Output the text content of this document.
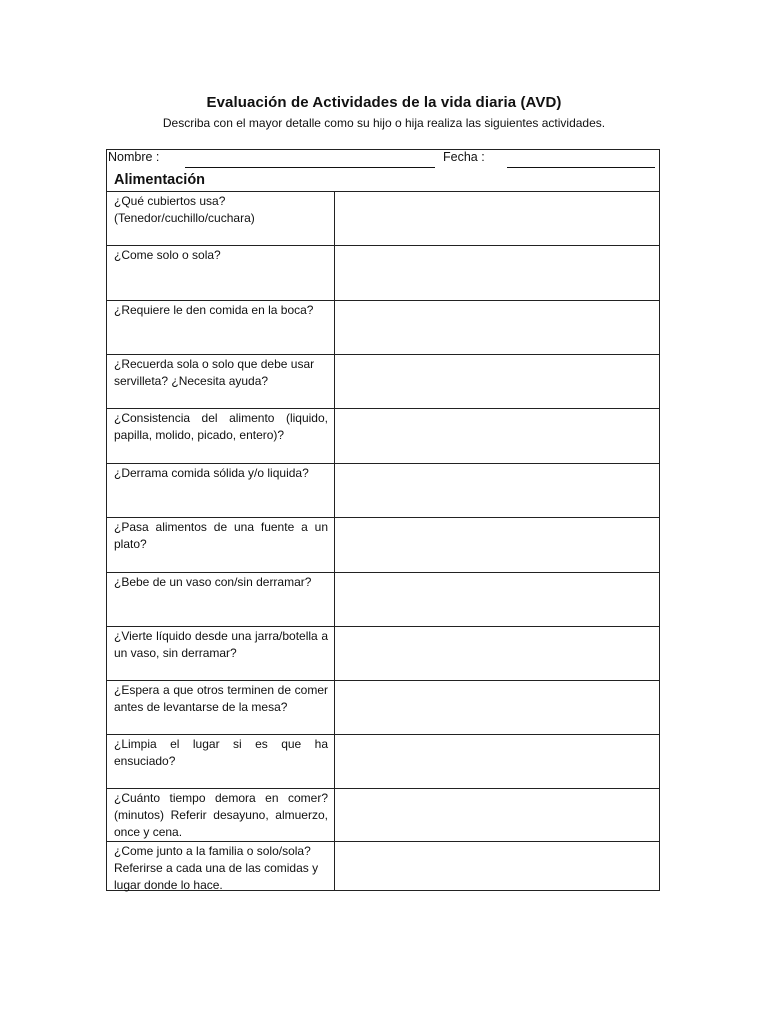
Evaluación de Actividades de la vida diaria (AVD)
Describa con el mayor detalle como su hijo o hija realiza las siguientes actividades.
Nombre :	Fecha :
Alimentación
¿Qué cubiertos usa?
(Tenedor/cuchillo/cuchara)
¿Come solo o sola?
¿Requiere le den comida en la boca?
¿Recuerda sola o solo que debe usar servilleta? ¿Necesita ayuda?
¿Consistencia del alimento (liquido, papilla, molido, picado, entero)?
¿Derrama comida sólida y/o liquida?
¿Pasa alimentos de una fuente a un plato?
¿Bebe de un vaso con/sin derramar?
¿Vierte líquido desde una jarra/botella a un vaso, sin derramar?
¿Espera a que otros terminen de comer antes de levantarse de la mesa?
¿Limpia el lugar si es que ha ensuciado?
¿Cuánto tiempo demora en comer? (minutos) Referir desayuno, almuerzo, once y cena.
¿Come junto a la familia o solo/sola? Referirse a cada una de las comidas y lugar donde lo hace.
